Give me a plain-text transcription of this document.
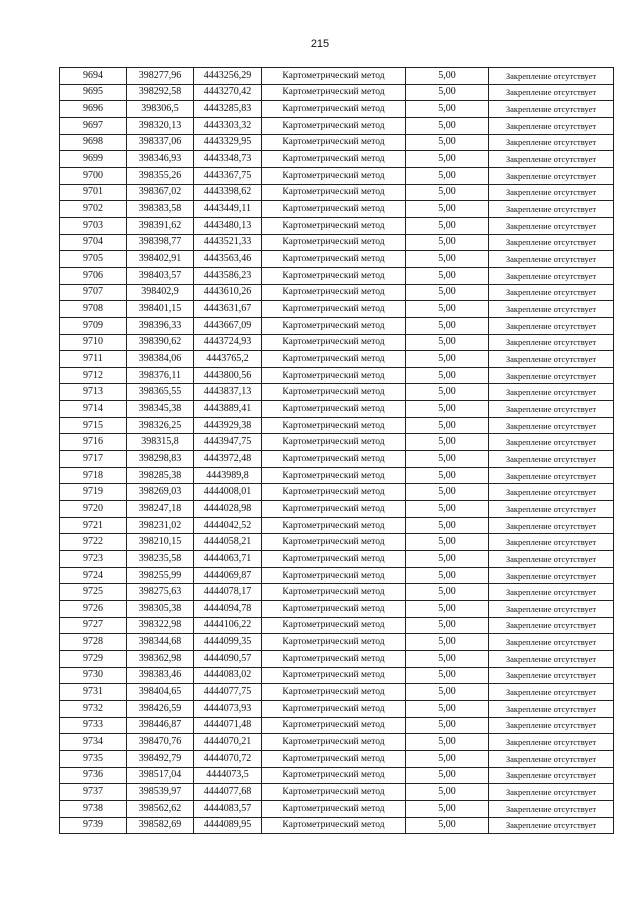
215
9694	398277,96	4443256,29	Картометрический метод	5,00	Закрепление отсутствует
9695	398292,58	4443270,42	Картометрический метод	5,00	Закрепление отсутствует
9696	398306,5	4443285,83	Картометрический метод	5,00	Закрепление отсутствует
9697	398320,13	4443303,32	Картометрический метод	5,00	Закрепление отсутствует
9698	398337,06	4443329,95	Картометрический метод	5,00	Закрепление отсутствует
9699	398346,93	4443348,73	Картометрический метод	5,00	Закрепление отсутствует
9700	398355,26	4443367,75	Картометрический метод	5,00	Закрепление отсутствует
9701	398367,02	4443398,62	Картометрический метод	5,00	Закрепление отсутствует
9702	398383,58	4443449,11	Картометрический метод	5,00	Закрепление отсутствует
9703	398391,62	4443480,13	Картометрический метод	5,00	Закрепление отсутствует
9704	398398,77	4443521,33	Картометрический метод	5,00	Закрепление отсутствует
9705	398402,91	4443563,46	Картометрический метод	5,00	Закрепление отсутствует
9706	398403,57	4443586,23	Картометрический метод	5,00	Закрепление отсутствует
9707	398402,9	4443610,26	Картометрический метод	5,00	Закрепление отсутствует
9708	398401,15	4443631,67	Картометрический метод	5,00	Закрепление отсутствует
9709	398396,33	4443667,09	Картометрический метод	5,00	Закрепление отсутствует
9710	398390,62	4443724,93	Картометрический метод	5,00	Закрепление отсутствует
9711	398384,06	4443765,2	Картометрический метод	5,00	Закрепление отсутствует
9712	398376,11	4443800,56	Картометрический метод	5,00	Закрепление отсутствует
9713	398365,55	4443837,13	Картометрический метод	5,00	Закрепление отсутствует
9714	398345,38	4443889,41	Картометрический метод	5,00	Закрепление отсутствует
9715	398326,25	4443929,38	Картометрический метод	5,00	Закрепление отсутствует
9716	398315,8	4443947,75	Картометрический метод	5,00	Закрепление отсутствует
9717	398298,83	4443972,48	Картометрический метод	5,00	Закрепление отсутствует
9718	398285,38	4443989,8	Картометрический метод	5,00	Закрепление отсутствует
9719	398269,03	4444008,01	Картометрический метод	5,00	Закрепление отсутствует
9720	398247,18	4444028,98	Картометрический метод	5,00	Закрепление отсутствует
9721	398231,02	4444042,52	Картометрический метод	5,00	Закрепление отсутствует
9722	398210,15	4444058,21	Картометрический метод	5,00	Закрепление отсутствует
9723	398235,58	4444063,71	Картометрический метод	5,00	Закрепление отсутствует
9724	398255,99	4444069,87	Картометрический метод	5,00	Закрепление отсутствует
9725	398275,63	4444078,17	Картометрический метод	5,00	Закрепление отсутствует
9726	398305,38	4444094,78	Картометрический метод	5,00	Закрепление отсутствует
9727	398322,98	4444106,22	Картометрический метод	5,00	Закрепление отсутствует
9728	398344,68	4444099,35	Картометрический метод	5,00	Закрепление отсутствует
9729	398362,98	4444090,57	Картометрический метод	5,00	Закрепление отсутствует
9730	398383,46	4444083,02	Картометрический метод	5,00	Закрепление отсутствует
9731	398404,65	4444077,75	Картометрический метод	5,00	Закрепление отсутствует
9732	398426,59	4444073,93	Картометрический метод	5,00	Закрепление отсутствует
9733	398446,87	4444071,48	Картометрический метод	5,00	Закрепление отсутствует
9734	398470,76	4444070,21	Картометрический метод	5,00	Закрепление отсутствует
9735	398492,79	4444070,72	Картометрический метод	5,00	Закрепление отсутствует
9736	398517,04	4444073,5	Картометрический метод	5,00	Закрепление отсутствует
9737	398539,97	4444077,68	Картометрический метод	5,00	Закрепление отсутствует
9738	398562,62	4444083,57	Картометрический метод	5,00	Закрепление отсутствует
9739	398582,69	4444089,95	Картометрический метод	5,00	Закрепление отсутствует
